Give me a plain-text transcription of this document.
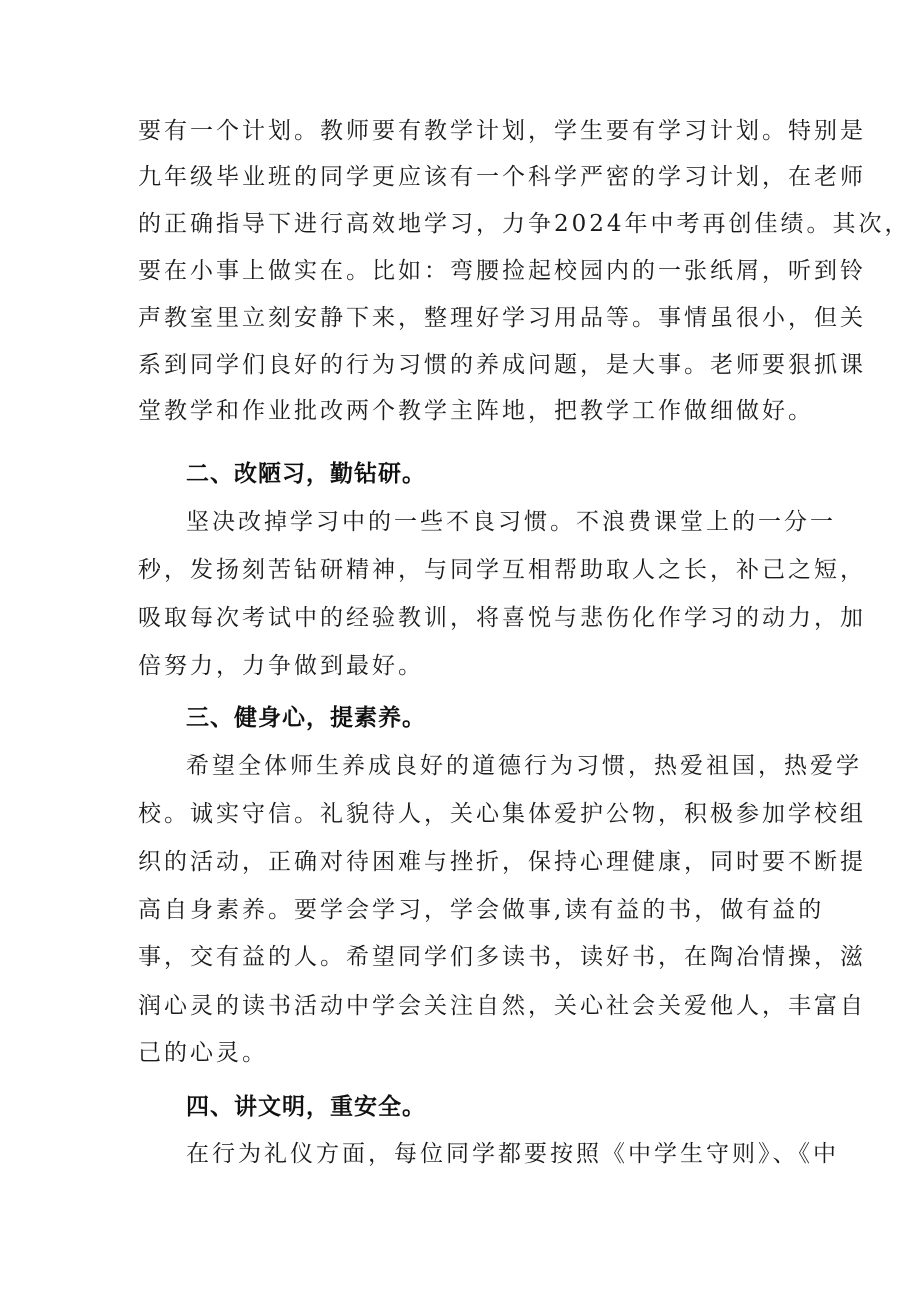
要有一个计划。教师要有教学计划，学生要有学习计划。特别是
九年级毕业班的同学更应该有一个科学严密的学习计划，在老师
的正确指导下进行高效地学习，力争2024年中考再创佳绩。其次，
要在小事上做实在。比如：弯腰捡起校园内的一张纸屑，听到铃
声教室里立刻安静下来，整理好学习用品等。事情虽很小，但关
系到同学们良好的行为习惯的养成问题，是大事。老师要狠抓课
堂教学和作业批改两个教学主阵地，把教学工作做细做好。
二、改陋习，勤钻研。
坚决改掉学习中的一些不良习惯。不浪费课堂上的一分一
秒，发扬刻苦钻研精神，与同学互相帮助取人之长，补己之短，
吸取每次考试中的经验教训，将喜悦与悲伤化作学习的动力，加
倍努力，力争做到最好。
三、健身心，提素养。
希望全体师生养成良好的道德行为习惯，热爱祖国，热爱学
校。诚实守信。礼貌待人，关心集体爱护公物，积极参加学校组
织的活动，正确对待困难与挫折，保持心理健康，同时要不断提
高自身素养。要学会学习，学会做事,读有益的书，做有益的
事，交有益的人。希望同学们多读书，读好书，在陶冶情操，滋
润心灵的读书活动中学会关注自然，关心社会关爱他人，丰富自
己的心灵。
四、讲文明，重安全。
在行为礼仪方面，每位同学都要按照《中学生守则》、《中
